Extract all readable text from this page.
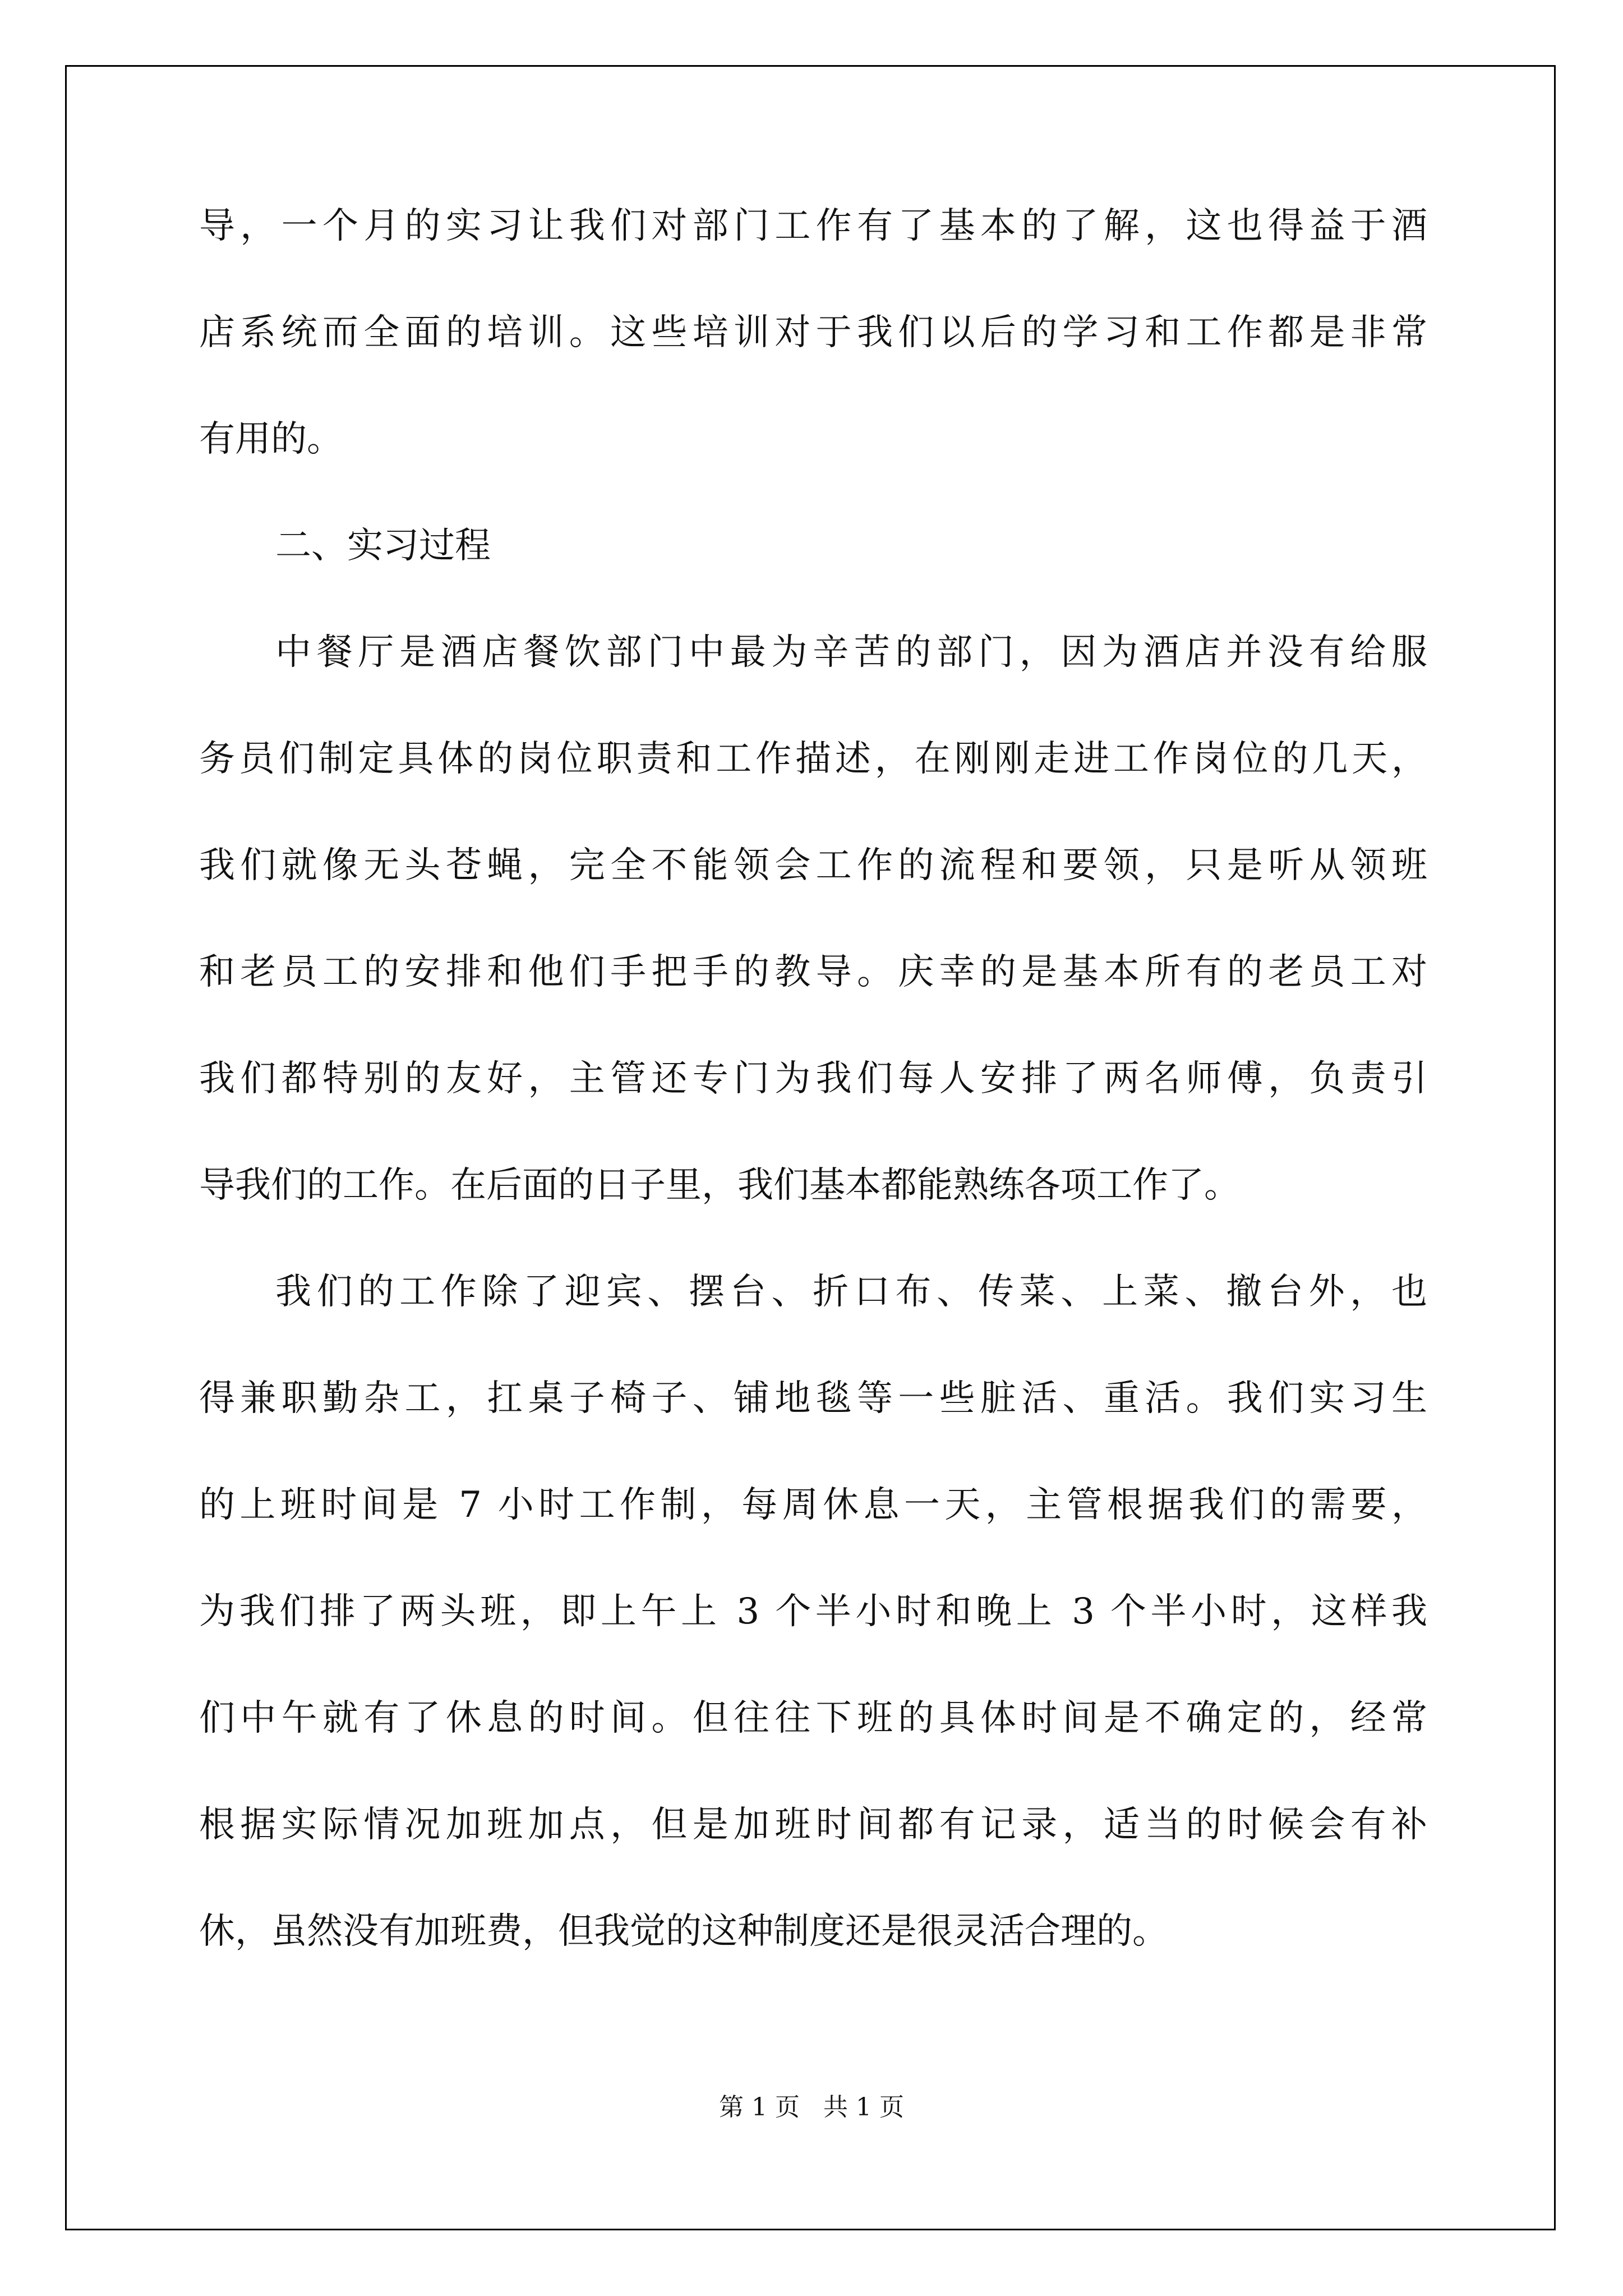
导，一个月的实习让我们对部门工作有了基本的了解，这也得益于酒
店系统而全面的培训。这些培训对于我们以后的学习和工作都是非常
有用的。
二、实习过程
中餐厅是酒店餐饮部门中最为辛苦的部门，因为酒店并没有给服
务员们制定具体的岗位职责和工作描述，在刚刚走进工作岗位的几天，
我们就像无头苍蝇，完全不能领会工作的流程和要领，只是听从领班
和老员工的安排和他们手把手的教导。庆幸的是基本所有的老员工对
我们都特别的友好，主管还专门为我们每人安排了两名师傅，负责引
导我们的工作。在后面的日子里，我们基本都能熟练各项工作了。
我们的工作除了迎宾、摆台、折口布、传菜、上菜、撤台外，也
得兼职勤杂工，扛桌子椅子、铺地毯等一些脏活、重活。我们实习生
的上班时间是 7 小时工作制，每周休息一天，主管根据我们的需要，
为我们排了两头班，即上午上 3 个半小时和晚上 3 个半小时，这样我
们中午就有了休息的时间。但往往下班的具体时间是不确定的，经常
根据实际情况加班加点，但是加班时间都有记录，适当的时候会有补
休，虽然没有加班费，但我觉的这种制度还是很灵活合理的。
第 1 页   共 1 页
